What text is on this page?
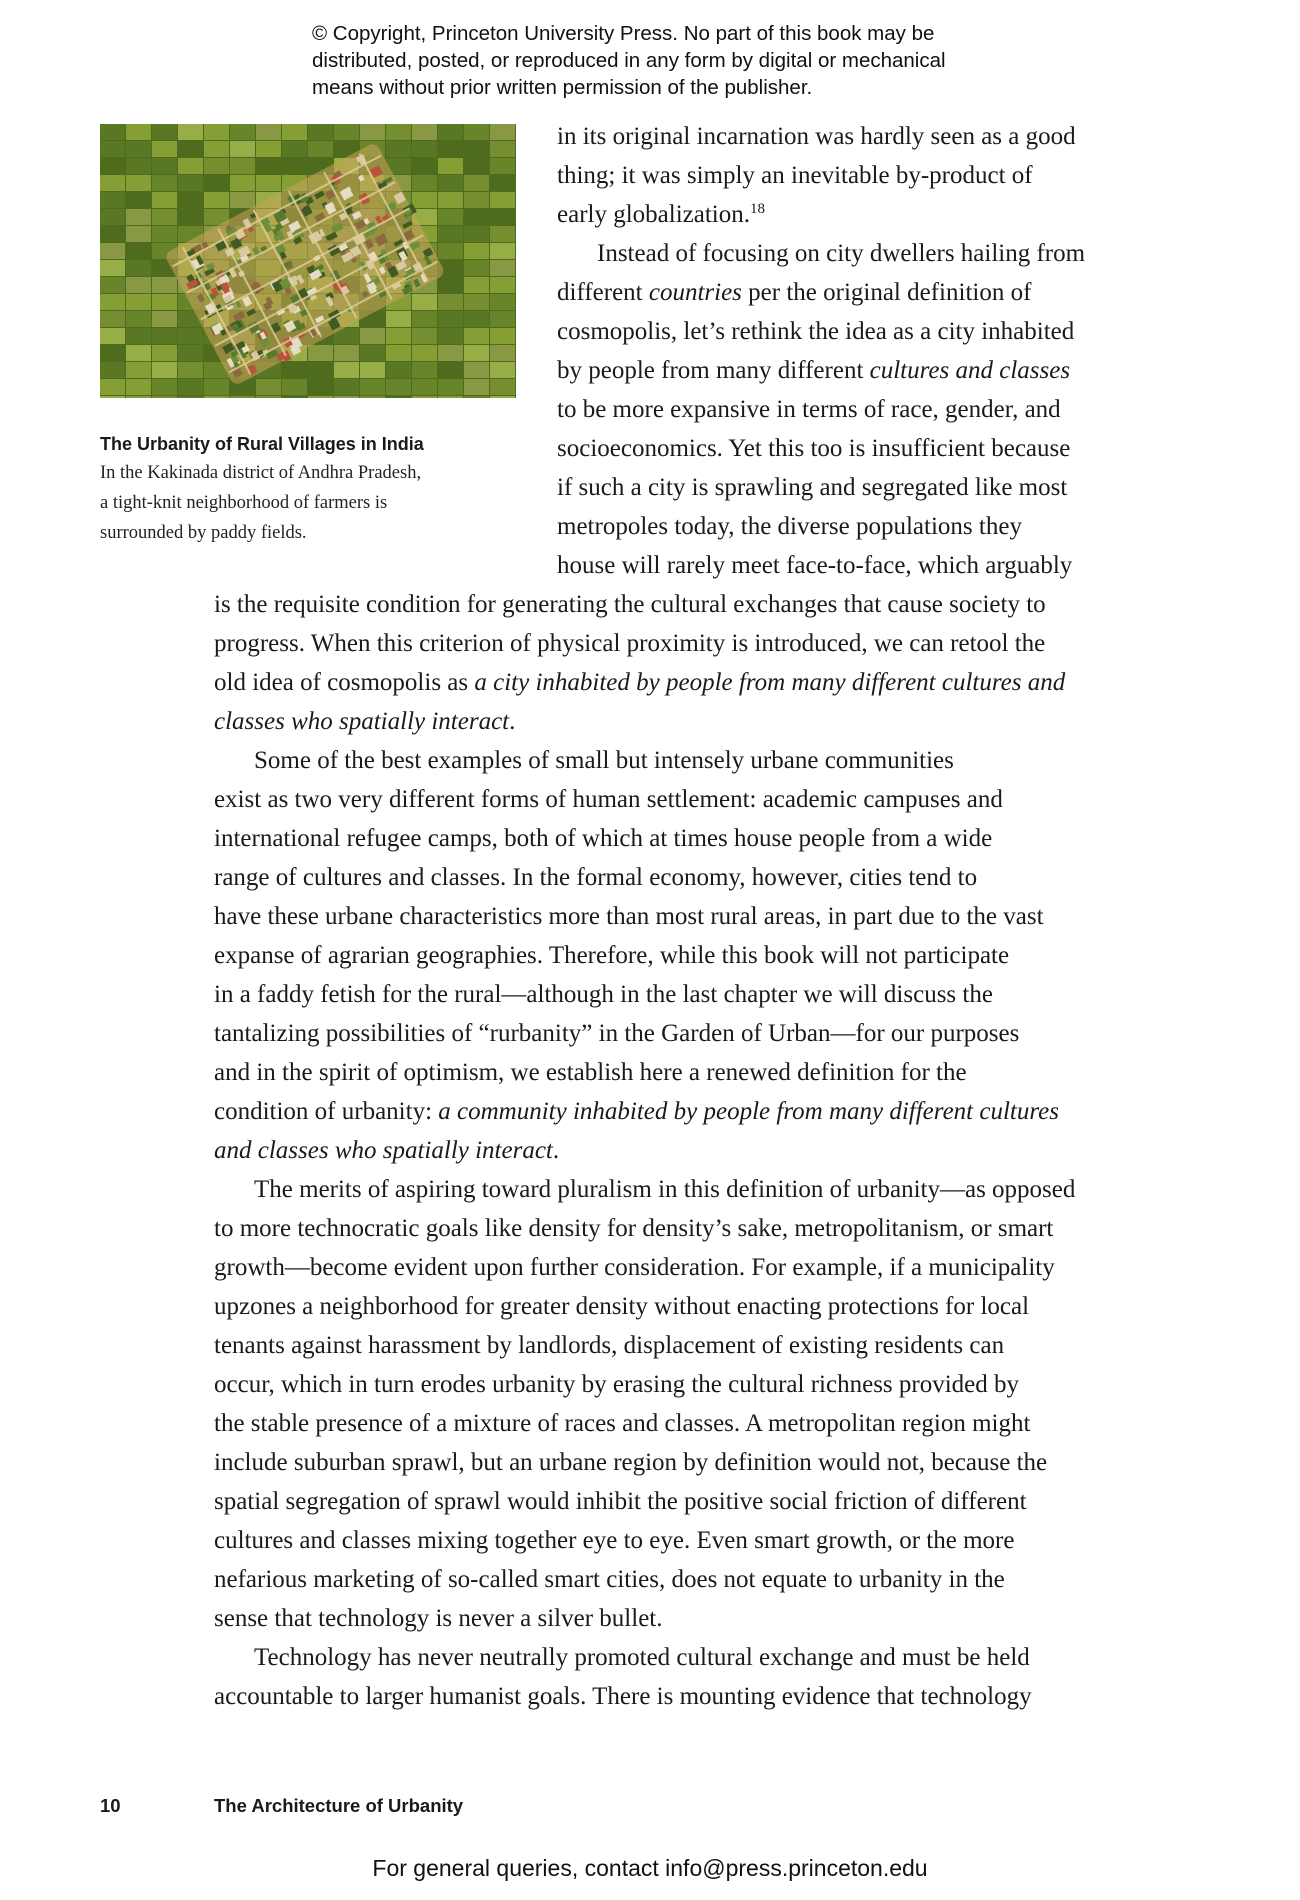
© Copyright, Princeton University Press. No part of this book may be
distributed, posted, or reproduced in any form by digital or mechanical
means without prior written permission of the publisher.
The Urbanity of Rural Villages in India
In the Kakinada district of Andhra Pradesh,
a tight-knit neighborhood of farmers is
surrounded by paddy fields.
in its original incarnation was hardly seen as a good
thing; it was simply an inevitable by-product of
early globalization.$^{18}$
Instead of focusing on city dwellers hailing from
different countries per the original definition of
cosmopolis, let’s rethink the idea as a city inhabited
by people from many different cultures and classes
to be more expansive in terms of race, gender, and
socioeconomics. Yet this too is insufficient because
if such a city is sprawling and segregated like most
metropoles today, the diverse populations they
house will rarely meet face-to-face, which arguably
is the requisite condition for generating the cultural exchanges that cause society to
progress. When this criterion of physical proximity is introduced, we can retool the
old idea of cosmopolis as a city inhabited by people from many different cultures and
classes who spatially interact.
Some of the best examples of small but intensely urbane communities
exist as two very different forms of human settlement: academic campuses and
international refugee camps, both of which at times house people from a wide
range of cultures and classes. In the formal economy, however, cities tend to
have these urbane characteristics more than most rural areas, in part due to the vast
expanse of agrarian geographies. Therefore, while this book will not participate
in a faddy fetish for the rural—although in the last chapter we will discuss the
tantalizing possibilities of “rurbanity” in the Garden of Urban—for our purposes
and in the spirit of optimism, we establish here a renewed definition for the
condition of urbanity: a community inhabited by people from many different cultures
and classes who spatially interact.
The merits of aspiring toward pluralism in this definition of urbanity—as opposed
to more technocratic goals like density for density’s sake, metropolitanism, or smart
growth—become evident upon further consideration. For example, if a municipality
upzones a neighborhood for greater density without enacting protections for local
tenants against harassment by landlords, displacement of existing residents can
occur, which in turn erodes urbanity by erasing the cultural richness provided by
the stable presence of a mixture of races and classes. A metropolitan region might
include suburban sprawl, but an urbane region by definition would not, because the
spatial segregation of sprawl would inhibit the positive social friction of different
cultures and classes mixing together eye to eye. Even smart growth, or the more
nefarious marketing of so-called smart cities, does not equate to urbanity in the
sense that technology is never a silver bullet.
Technology has never neutrally promoted cultural exchange and must be held
accountable to larger humanist goals. There is mounting evidence that technology
10	The Architecture of Urbanity
For general queries, contact info@press.princeton.edu
